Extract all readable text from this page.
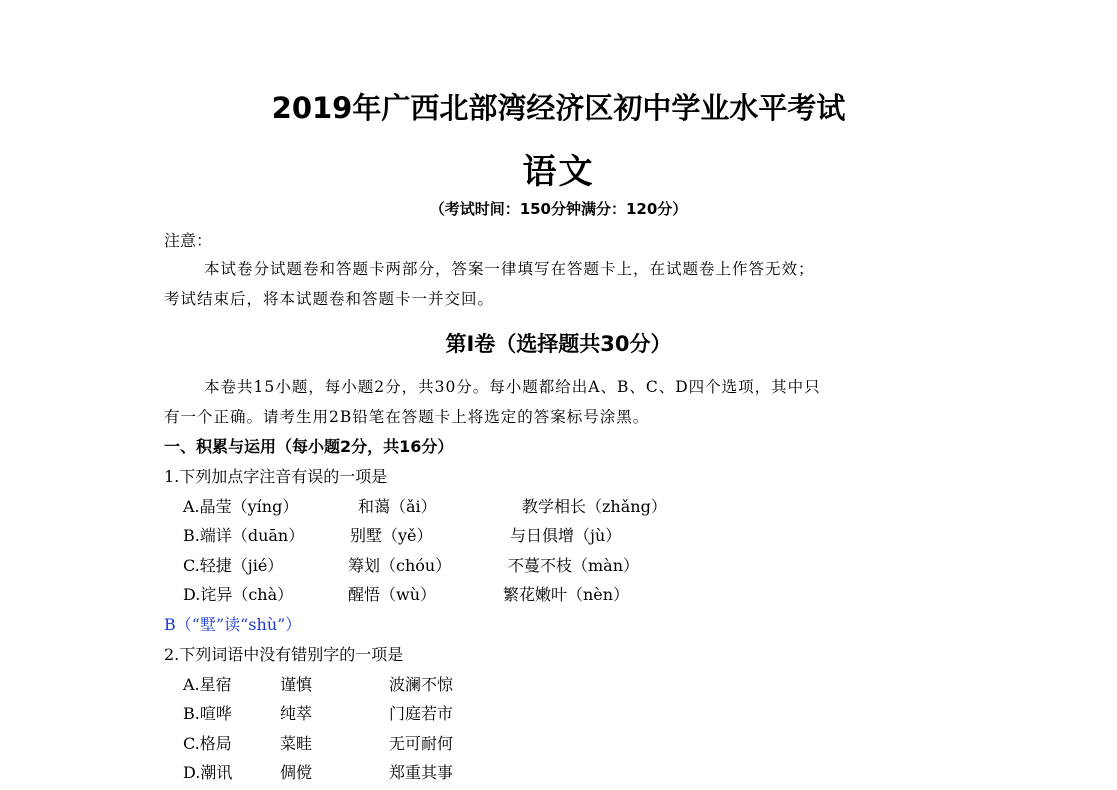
2019年广西北部湾经济区初中学业水平考试
语文
（考试时间：150分钟满分：120分）
注意：
本试卷分试题卷和答题卡两部分，答案一律填写在答题卡上，在试题卷上作答无效；
考试结束后，将本试题卷和答题卡一并交回。
第Ⅰ卷（选择题共30分）
本卷共15小题，每小题2分，共30分。每小题都给出A、B、C、D四个选项，其中只
有一个正确。请考生用2B铅笔在答题卡上将选定的答案标号涂黑。
一、积累与运用（每小题2分，共16分）
1.下列加点字注音有误的一项是
A.晶莹（yíng）	和蔼（ǎi）	教学相长（zhǎng）
B.端详（duān）	别墅（yě）	与日俱增（jù）
C.轻捷（jié）	筹划（chóu）	不蔓不枝（màn）
D.诧异（chà）	醒悟（wù）	繁花嫩叶（nèn）
B（“墅”读“shù”）
2.下列词语中没有错别字的一项是
A.星宿	谨慎	波澜不惊
B.喧哗	纯萃	门庭若市
C.格局	菜畦	无可耐何
D.潮讯	倜傥	郑重其事
